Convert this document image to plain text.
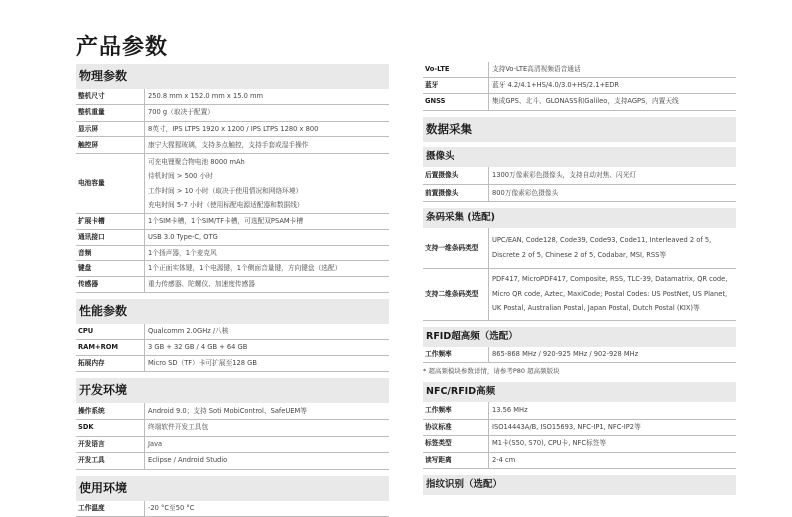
产品参数
物理参数
整机尺寸	250.8 mm x 152.0 mm x 15.0 mm

整机重量	700 g（取决于配置）

显示屏	8英寸，IPS LTPS 1920 x 1200 / IPS LTPS 1280 x 800

触控屏	康宁大猩猩玻璃，支持多点触控，支持手套或湿手操作

电池容量	可充电锂聚合物电池 8000 mAh
待机时间 > 500 小时
工作时间 > 10 小时（取决于使用情况和网络环境）
充电时间 5-7 小时（使用标配电源适配器和数据线）

扩展卡槽	1个SIM卡槽，1个SIM/TF卡槽，可选配双PSAM卡槽

通讯接口	USB 3.0 Type-C, OTG

音频	1个扬声器，1个麦克风

键盘	1个正面实体键，1个电源键，1个侧面音量键，方向键盘（选配）

传感器	重力传感器、陀螺仪、加速度传感器
性能参数
CPU	Qualcomm 2.0GHz /八核

RAM+ROM	3 GB + 32 GB / 4 GB + 64 GB

拓展内存	Micro SD（TF）卡可扩展至128 GB
开发环境
操作系统	Android 9.0；支持 Soti MobiControl、SafeUEM等

SDK	终端软件开发工具包

开发语言	Java

开发工具	Eclipse / Android Studio
使用环境
工作温度	-20 °C至50 °C
Vo-LTE	支持Vo-LTE高清视频语音通话

蓝牙	蓝牙 4.2/4.1+HS/4.0/3.0+HS/2.1+EDR

GNSS	集成GPS、北斗、GLONASS和Galileo，支持AGPS，内置天线
数据采集
摄像头
后置摄像头	1300万像素彩色摄像头，支持自动对焦、闪光灯

前置摄像头	800万像素彩色摄像头
条码采集 (选配)
支持一维条码类型	UPC/EAN, Code128, Code39, Code93, Code11, Interleaved 2 of 5, Discrete 2 of 5, Chinese 2 of 5, Codabar, MSI, RSS等

支持二维条码类型	PDF417, MicroPDF417, Composite, RSS, TLC-39, Datamatrix, QR code, Micro QR code, Aztec, MaxiCode; Postal Codes: US PostNet, US Planet, UK Postal, Australian Postal, Japan Postal, Dutch Postal (KIX)等
RFID超高频（选配）
工作频率	865-868 MHz / 920-925 MHz / 902-928 MHz
* 超高频模块参数详情，请参考P80 超高频版块
NFC/RFID高频
工作频率	13.56 MHz

协议标准	ISO14443A/B, ISO15693, NFC-IP1, NFC-IP2等

标签类型	M1卡(S50, S70), CPU卡, NFC标签等

读写距离	2-4 cm
指纹识别（选配）
